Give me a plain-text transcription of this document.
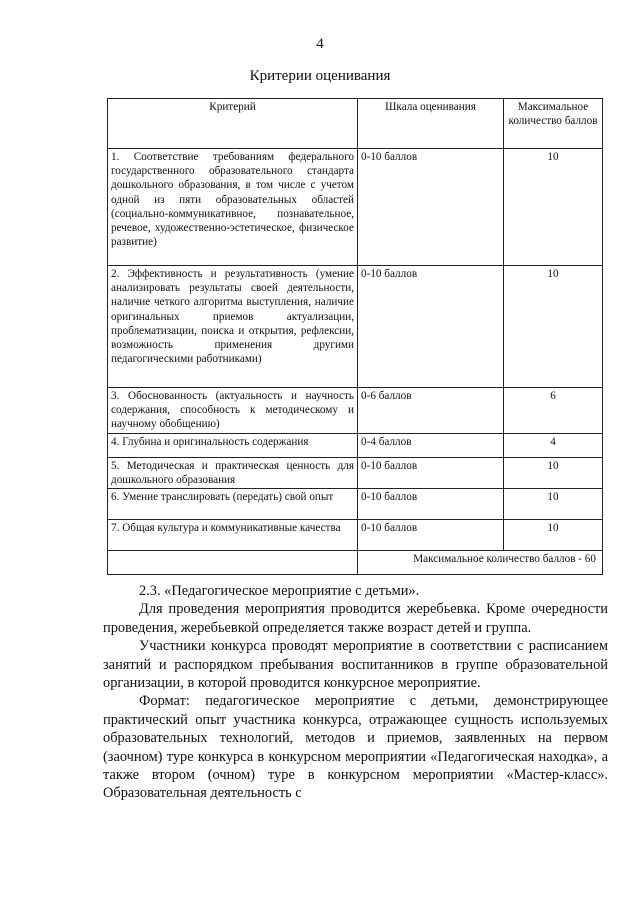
4
Критерии оценивания
Критерий	Шкала оценивания	Максимальное количество баллов
1. Соответствие требованиям федерального государственного образовательного стандарта дошкольного образования, в том числе с учетом одной из пяти образовательных областей (социально-коммуникативное, познавательное, речевое, художественно-эстетическое, физическое развитие)	0-10 баллов	10
2. Эффективность и результативность (умение анализировать результаты своей деятельности, наличие четкого алгоритма выступления, наличие оригинальных приемов актуализации, проблематизации, поиска и открытия, рефлексии, возможность применения другими педагогическими работниками)	0-10 баллов	10
3. Обоснованность (актуальность и научность содержания, способность к методическому и научному обобщению)	0-6 баллов	6
4. Глубина и оригинальность содержания	0-4 баллов	4
5. Методическая и практическая ценность для дошкольного образования	0-10 баллов	10
6. Умение транслировать (передать) свой опыт	0-10 баллов	10
7. Общая культура и коммуникативные качества	0-10 баллов	10
	Максимальное количество баллов - 60	

2.3. «Педагогическое мероприятие с детьми».

Для проведения мероприятия проводится жеребьевка. Кроме очередности проведения, жеребьевкой определяется также возраст детей и группа.

Участники конкурса проводят мероприятие в соответствии с расписанием занятий и распорядком пребывания воспитанников в группе образовательной организации, в которой проводится конкурсное мероприятие.

Формат: педагогическое мероприятие с детьми, демонстрирующее практический опыт участника конкурса, отражающее сущность используемых образовательных технологий, методов и приемов, заявленных на первом (заочном) туре конкурса в конкурсном мероприятии «Педагогическая находка», а также втором (очном) туре в конкурсном мероприятии «Мастер-класс». Образовательная деятельность с
